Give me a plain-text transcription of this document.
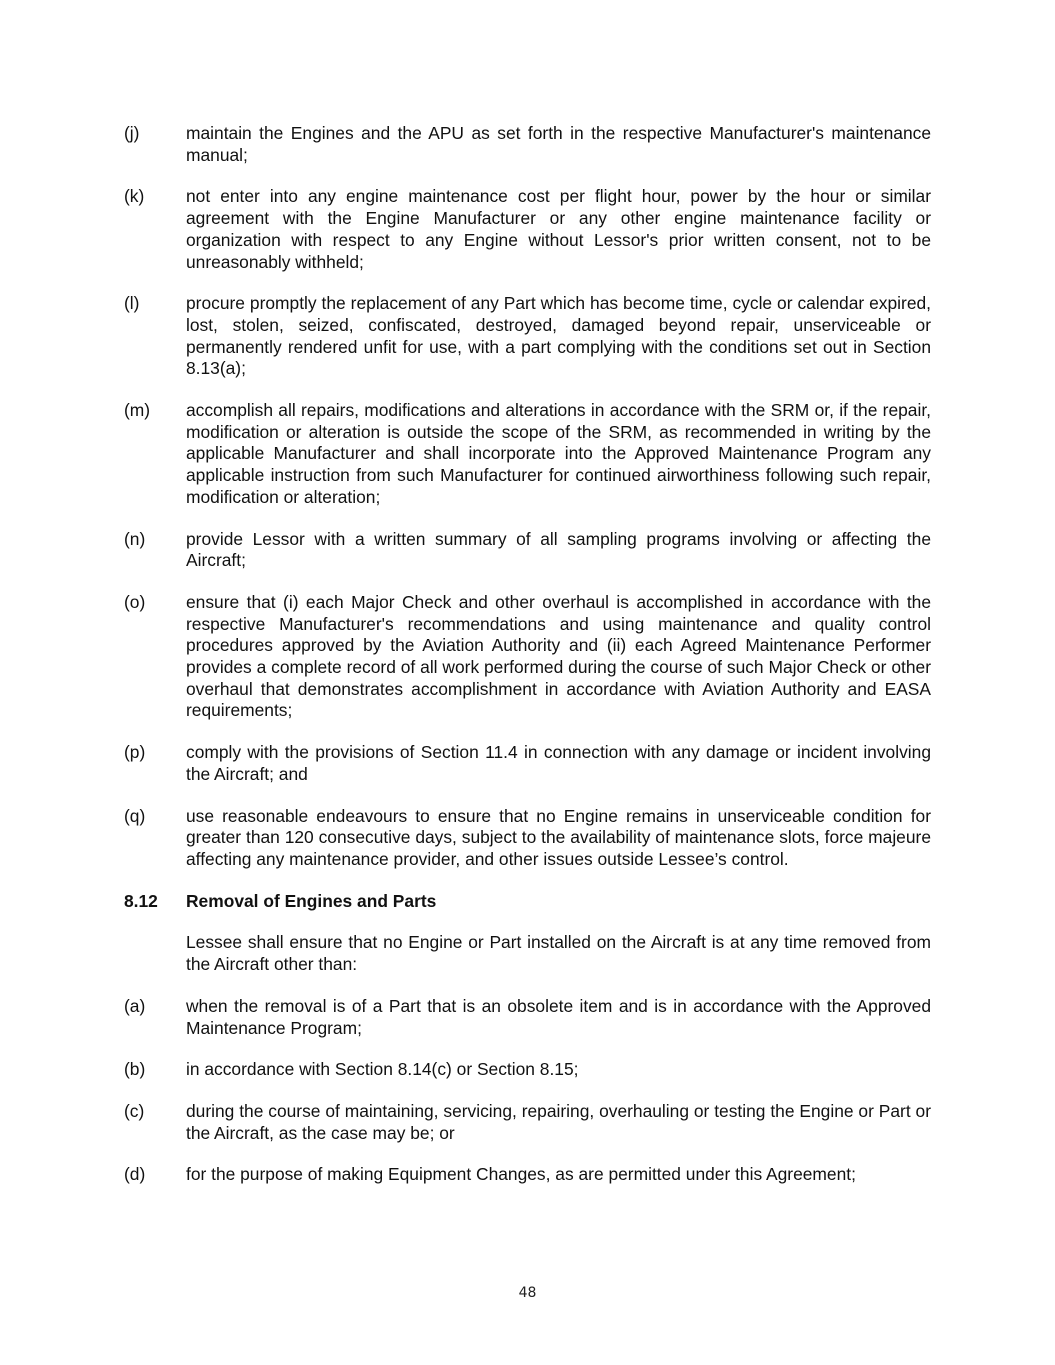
(j)	maintain the Engines and the APU as set forth in the respective Manufacturer's maintenance manual;
(k)	not enter into any engine maintenance cost per flight hour, power by the hour or similar agreement with the Engine Manufacturer or any other engine maintenance facility or organization with respect to any Engine without Lessor's prior written consent, not to be unreasonably withheld;
(l)	procure promptly the replacement of any Part which has become time, cycle or calendar expired, lost, stolen, seized, confiscated, destroyed, damaged beyond repair, unserviceable or permanently rendered unfit for use, with a part complying with the conditions set out in Section 8.13(a);
(m)	accomplish all repairs, modifications and alterations in accordance with the SRM or, if the repair, modification or alteration is outside the scope of the SRM, as recommended in writing by the applicable Manufacturer and shall incorporate into the Approved Maintenance Program any applicable instruction from such Manufacturer for continued airworthiness following such repair, modification or alteration;
(n)	provide Lessor with a written summary of all sampling programs involving or affecting the Aircraft;
(o)	ensure that (i) each Major Check and other overhaul is accomplished in accordance with the respective Manufacturer's recommendations and using maintenance and quality control procedures approved by the Aviation Authority and (ii) each Agreed Maintenance Performer provides a complete record of all work performed during the course of such Major Check or other overhaul that demonstrates accomplishment in accordance with Aviation Authority and EASA requirements;
(p)	comply with the provisions of Section 11.4 in connection with any damage or incident involving the Aircraft; and
(q)	use reasonable endeavours to ensure that no Engine remains in unserviceable condition for greater than 120 consecutive days, subject to the availability of maintenance slots, force majeure affecting any maintenance provider, and other issues outside Lessee’s control.
8.12	Removal of Engines and Parts
Lessee shall ensure that no Engine or Part installed on the Aircraft is at any time removed from the Aircraft other than:
(a)	when the removal is of a Part that is an obsolete item and is in accordance with the Approved Maintenance Program;
(b)	in accordance with Section 8.14(c) or Section 8.15;
(c)	during the course of maintaining, servicing, repairing, overhauling or testing the Engine or Part or the Aircraft, as the case may be; or
(d)	for the purpose of making Equipment Changes, as are permitted under this Agreement;
48
